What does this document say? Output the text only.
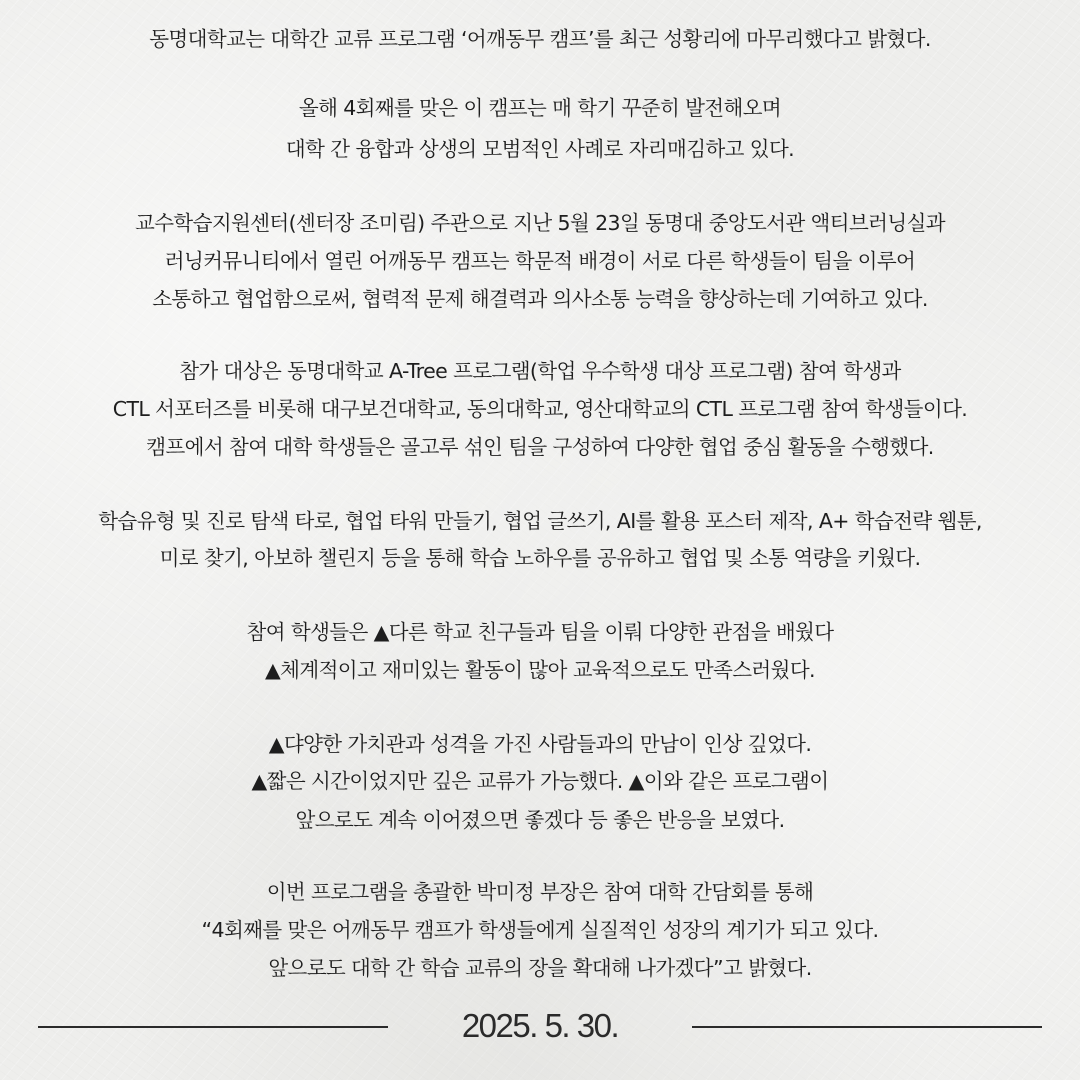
동명대학교는 대학간 교류 프로그램 ‘어깨동무 캠프’를 최근 성황리에 마무리했다고 밝혔다.
올해 4회째를 맞은 이 캠프는 매 학기 꾸준히 발전해오며
대학 간 융합과 상생의 모범적인 사례로 자리매김하고 있다.
교수학습지원센터(센터장 조미림) 주관으로 지난 5월 23일 동명대 중앙도서관 액티브러닝실과
러닝커뮤니티에서 열린 어깨동무 캠프는 학문적 배경이 서로 다른 학생들이 팀을 이루어
소통하고 협업함으로써, 협력적 문제 해결력과 의사소통 능력을 향상하는데 기여하고 있다.
참가 대상은 동명대학교 A-Tree 프로그램(학업 우수학생 대상 프로그램) 참여 학생과
CTL 서포터즈를 비롯해 대구보건대학교, 동의대학교, 영산대학교의 CTL 프로그램 참여 학생들이다.
캠프에서 참여 대학 학생들은 골고루 섞인 팀을 구성하여 다양한 협업 중심 활동을 수행했다.
학습유형 및 진로 탐색 타로, 협업 타워 만들기, 협업 글쓰기, AI를 활용 포스터 제작, A+ 학습전략 웹툰,
미로 찾기, 아보하 챌린지 등을 통해 학습 노하우를 공유하고 협업 및 소통 역량을 키웠다.
참여 학생들은 ▲다른 학교 친구들과 팀을 이뤄 다양한 관점을 배웠다
▲체계적이고 재미있는 활동이 많아 교육적으로도 만족스러웠다.
▲댜양한 가치관과 성격을 가진 사람들과의 만남이 인상 깊었다.
▲짧은 시간이었지만 깊은 교류가 가능했다. ▲이와 같은 프로그램이
앞으로도 계속 이어졌으면 좋겠다 등 좋은 반응을 보였다.
이번 프로그램을 총괄한 박미정 부장은 참여 대학 간담회를 통해
“4회째를 맞은 어깨동무 캠프가 학생들에게 실질적인 성장의 계기가 되고 있다.
앞으로도 대학 간 학습 교류의 장을 확대해 나가겠다”고 밝혔다.
2025. 5. 30.
